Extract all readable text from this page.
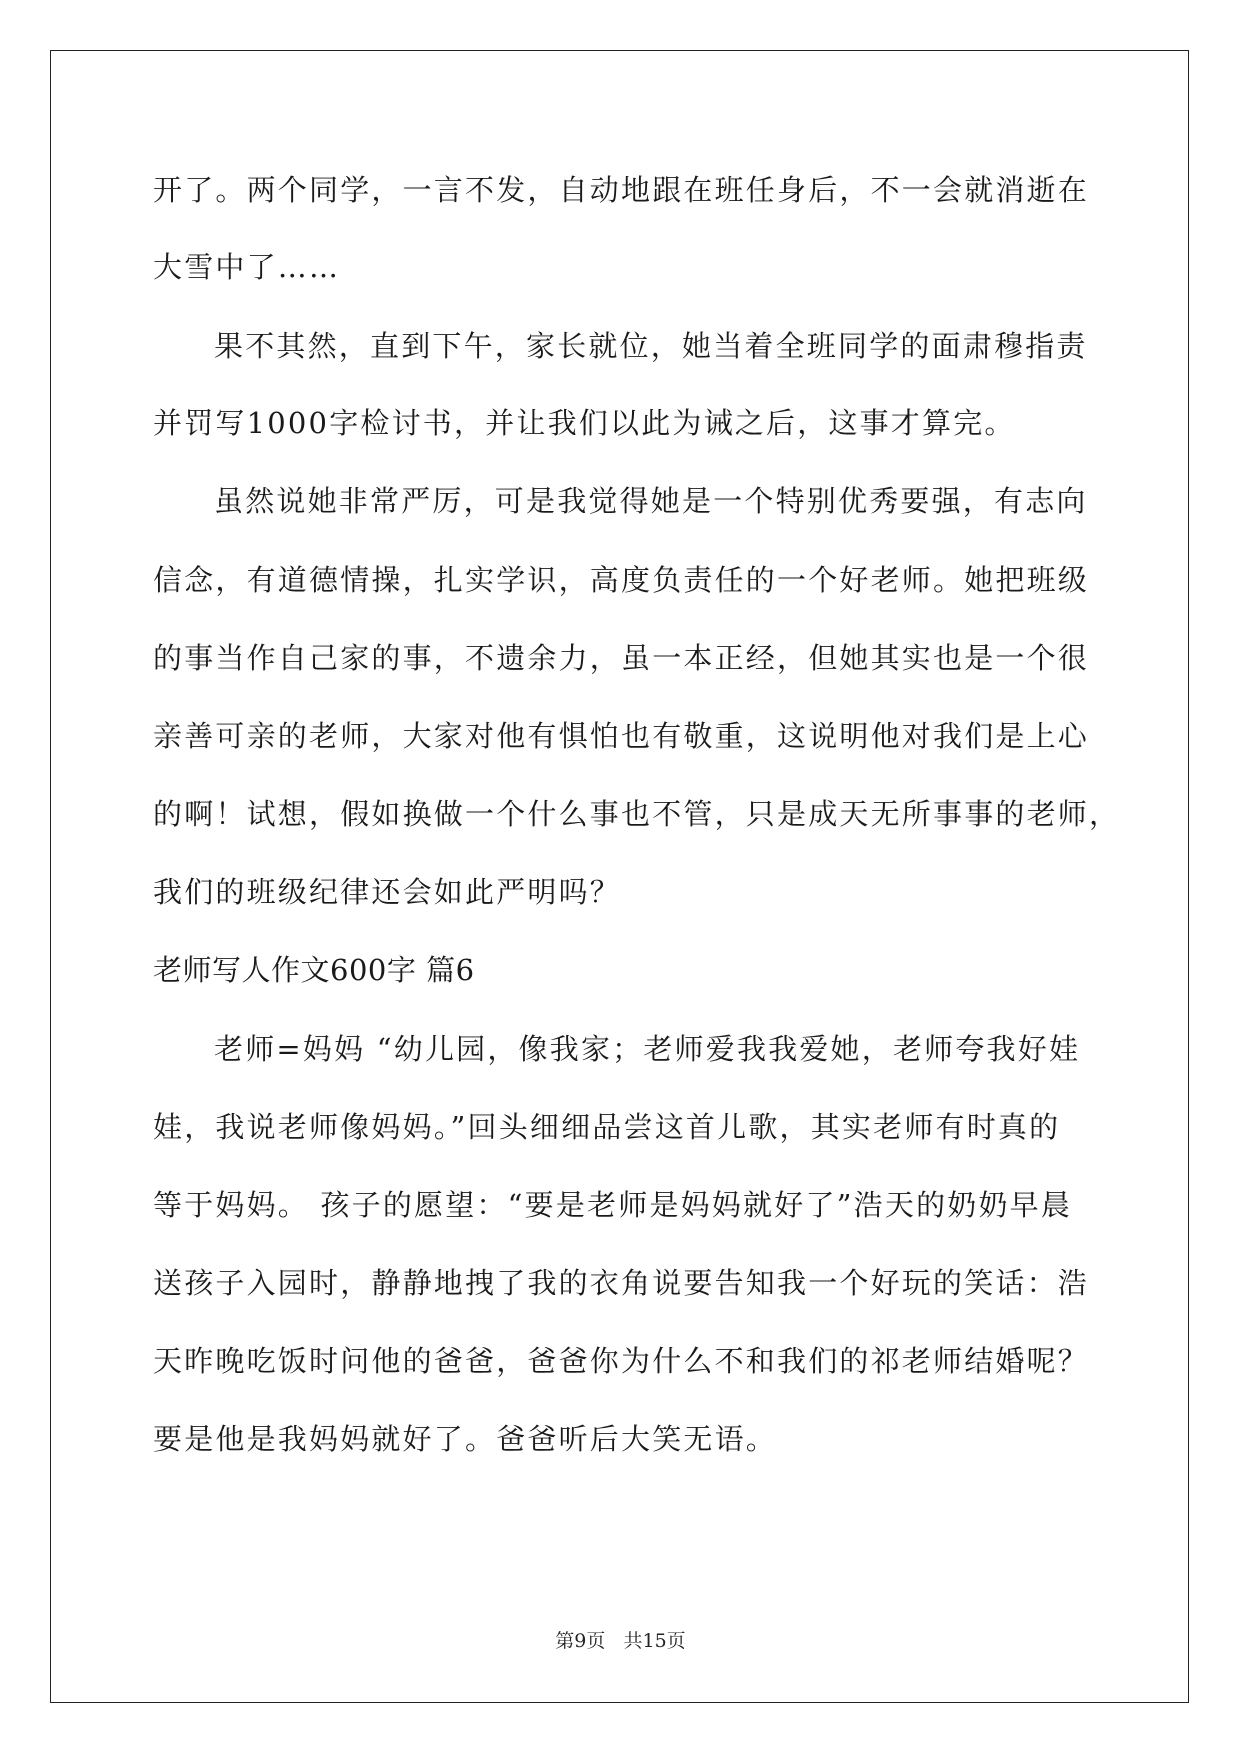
开了。两个同学，一言不发，自动地跟在班任身后，不一会就消逝在
大雪中了……
果不其然，直到下午，家长就位，她当着全班同学的面肃穆指责
并罚写1000字检讨书，并让我们以此为诫之后，这事才算完。
虽然说她非常严厉，可是我觉得她是一个特别优秀要强，有志向
信念，有道德情操，扎实学识，高度负责任的一个好老师。她把班级
的事当作自己家的事，不遗余力，虽一本正经，但她其实也是一个很
亲善可亲的老师，大家对他有惧怕也有敬重，这说明他对我们是上心
的啊！试想，假如换做一个什么事也不管，只是成天无所事事的老师，
我们的班级纪律还会如此严明吗？
老师写人作文600字 篇6
老师=妈妈 “幼儿园，像我家；老师爱我我爱她，老师夸我好娃
娃，我说老师像妈妈。”回头细细品尝这首儿歌，其实老师有时真的
等于妈妈。 孩子的愿望：“要是老师是妈妈就好了”浩天的奶奶早晨
送孩子入园时，静静地拽了我的衣角说要告知我一个好玩的笑话：浩
天昨晚吃饭时问他的爸爸，爸爸你为什么不和我们的祁老师结婚呢？
要是他是我妈妈就好了。爸爸听后大笑无语。
第9页   共15页
